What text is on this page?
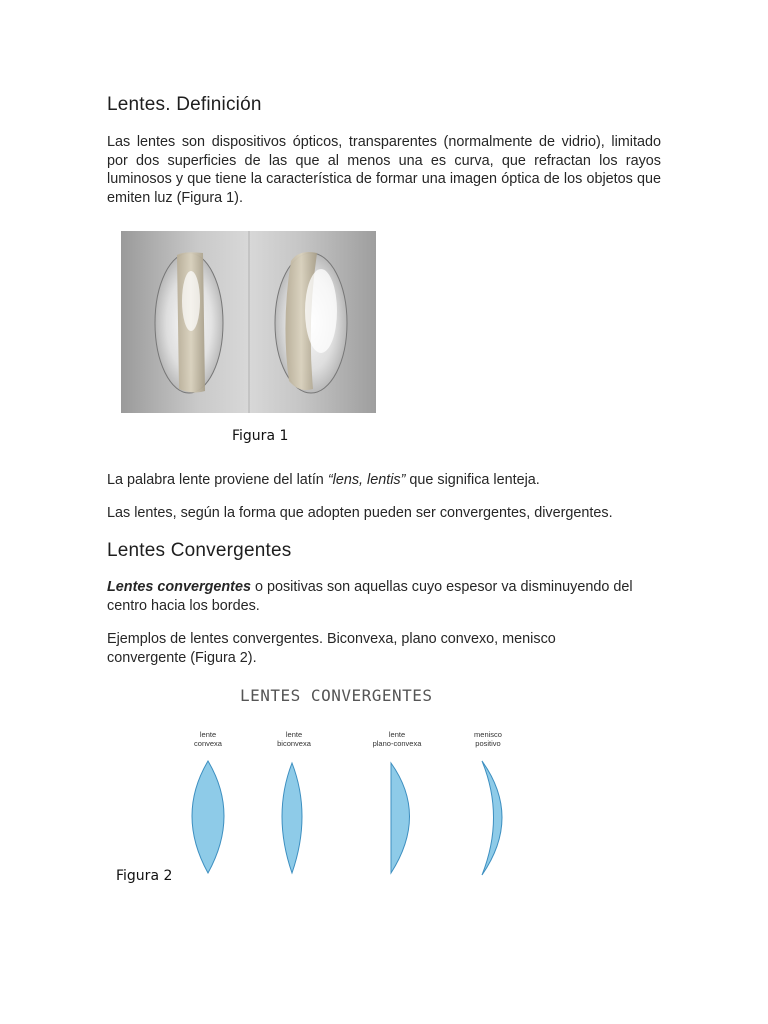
Lentes. Definición

Las lentes son dispositivos ópticos, transparentes (normalmente de vidrio), limitado por dos superficies de las que al menos una es curva, que refractan los rayos luminosos y que tiene la característica de formar una imagen óptica de los objetos que emiten luz (Figura 1).

Figura 1

La palabra lente proviene del latín “lens, lentis” que significa lenteja.

Las lentes, según la forma que adopten pueden ser convergentes, divergentes.

Lentes Convergentes

Lentes convergentes o positivas son aquellas cuyo espesor va disminuyendo del centro hacia los bordes.

Ejemplos de lentes convergentes. Biconvexa, plano convexo, menisco convergente (Figura 2).

LENTES CONVERGENTES
lente
convexa
lente
biconvexa
lente
plano-convexa
menisco
positivo
Figura 2
